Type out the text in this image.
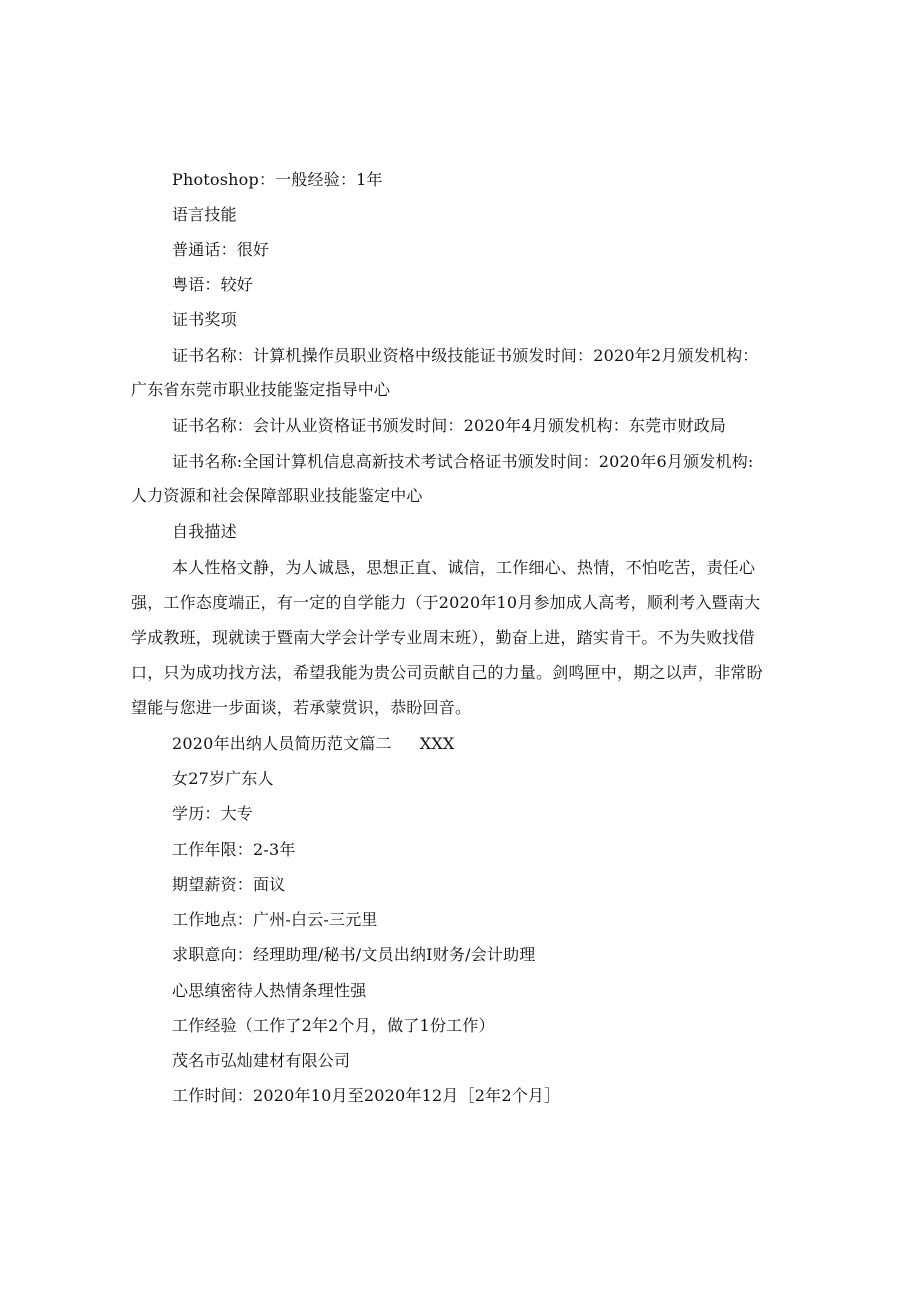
Photoshop：一般经验：1年
语言技能
普通话：很好
粤语：较好
证书奖项
证书名称：计算机操作员职业资格中级技能证书颁发时间：2020年2月颁发机构：
广东省东莞市职业技能鉴定指导中心
证书名称：会计从业资格证书颁发时间：2020年4月颁发机构：东莞市财政局
证书名称:全国计算机信息高新技术考试合格证书颁发时间：2020年6月颁发机构:
人力资源和社会保障部职业技能鉴定中心
自我描述
本人性格文静，为人诚恳，思想正直、诚信，工作细心、热情，不怕吃苦，责任心
强，工作态度端正，有一定的自学能力（于2020年10月参加成人高考，顺利考入暨南大
学成教班，现就读于暨南大学会计学专业周末班），勤奋上进，踏实肯干。不为失败找借
口，只为成功找方法，希望我能为贵公司贡献自己的力量。剑鸣匣中，期之以声，非常盼
望能与您进一步面谈，若承蒙赏识，恭盼回音。
2020年出纳人员简历范文篇二 XXX
女27岁广东人
学历：大专
工作年限：2-3年
期望薪资：面议
工作地点：广州-白云-三元里
求职意向：经理助理/秘书/文员出纳I财务/会计助理
心思缜密待人热情条理性强
工作经验（工作了2年2个月，做了1份工作）
茂名市弘灿建材有限公司
工作时间：2020年10月至2020年12月［2年2个月］
